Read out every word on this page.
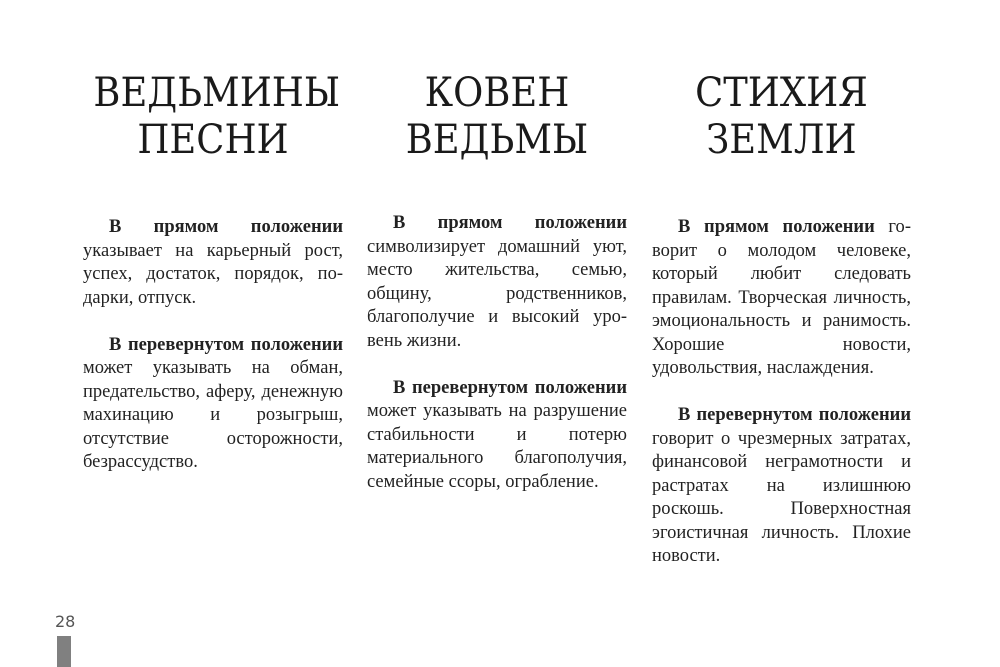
ВЕДЬМИНЫ
ПЕСНИ

В прямом положении указывает на карьерный рост, успех, достаток, порядок, подарки, отпуск.

В перевернутом положении может указывать на обман, предательство, аферу, денежную махинацию и розыгрыш, отсутствие осторожности, безрассудство.

КОВЕН
ВЕДЬМЫ

В прямом положении символизирует домашний уют, место жительства, семью, общину, родственников, благополучие и высокий уровень жизни.

В перевернутом положении может указывать на разрушение стабильности и потерю материального благополучия, семейные ссоры, ограбление.

СТИХИЯ
ЗЕМЛИ

В прямом положении говорит о молодом человеке, который любит следовать правилам. Творческая личность, эмоциональность и ранимость. Хорошие новости, удовольствия, наслаждения.

В перевернутом положении говорит о чрезмерных затратах, финансовой неграмотности и растратах на излишнюю роскошь. Поверхностная эгоистичная личность. Плохие новости.

28
